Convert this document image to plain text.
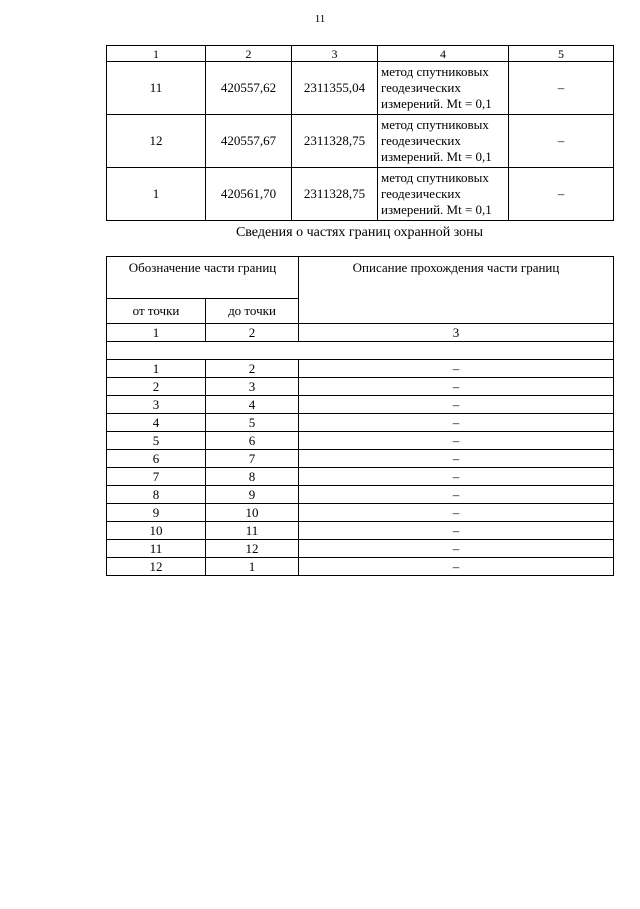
11
1	2	3	4	5
11	420557,62	2311355,04	метод спутниковых
геодезических
измерений. Mt = 0,1	–
12	420557,67	2311328,75	метод спутниковых
геодезических
измерений. Mt = 0,1	–
1	420561,70	2311328,75	метод спутниковых
геодезических
измерений. Mt = 0,1	–
Сведения о частях границ охранной зоны
Обозначение части границ		Описание прохождения части границ
от точки	до точки	
1	2	3

1	2	–
2	3	–
3	4	–
4	5	–
5	6	–
6	7	–
7	8	–
8	9	–
9	10	–
10	11	–
11	12	–
12	1	–
